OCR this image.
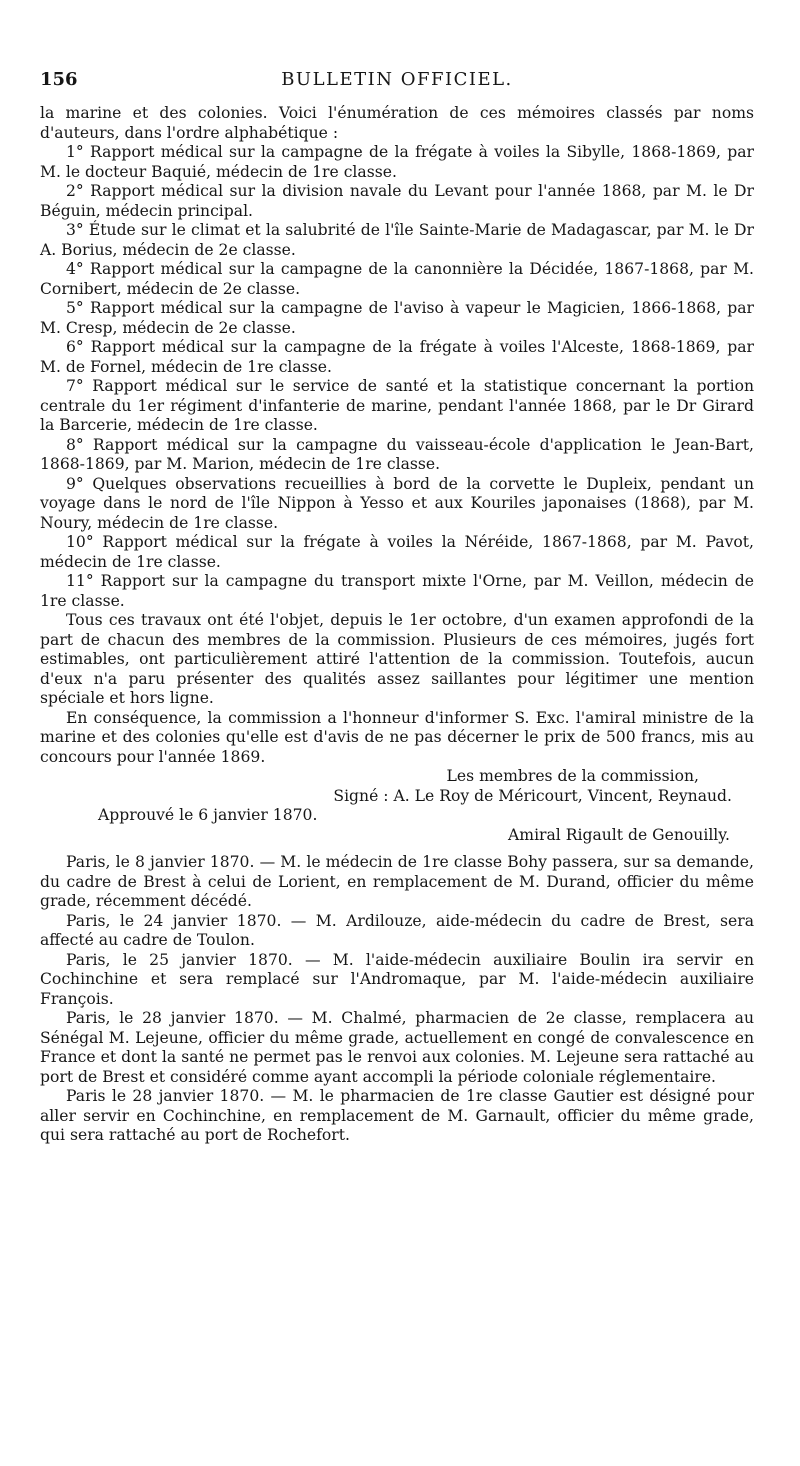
156	BULLETIN OFFICIEL.

la marine et des colonies. Voici l'énumération de ces mémoires classés par noms d'auteurs, dans l'ordre alphabétique :

1° Rapport médical sur la campagne de la frégate à voiles la Sibylle, 1868-1869, par M. le docteur Baquié, médecin de 1re classe.

2° Rapport médical sur la division navale du Levant pour l'année 1868, par M. le Dr Béguin, médecin principal.

3° Étude sur le climat et la salubrité de l'île Sainte-Marie de Madagascar, par M. le Dr A. Borius, médecin de 2e classe.

4° Rapport médical sur la campagne de la canonnière la Décidée, 1867-1868, par M. Cornibert, médecin de 2e classe.

5° Rapport médical sur la campagne de l'aviso à vapeur le Magicien, 1866-1868, par M. Cresp, médecin de 2e classe.

6° Rapport médical sur la campagne de la frégate à voiles l'Alceste, 1868-1869, par M. de Fornel, médecin de 1re classe.

7° Rapport médical sur le service de santé et la statistique concernant la portion centrale du 1er régiment d'infanterie de marine, pendant l'année 1868, par le Dr Girard la Barcerie, médecin de 1re classe.

8° Rapport médical sur la campagne du vaisseau-école d'application le Jean-Bart, 1868-1869, par M. Marion, médecin de 1re classe.

9° Quelques observations recueillies à bord de la corvette le Dupleix, pendant un voyage dans le nord de l'île Nippon à Yesso et aux Kouriles japonaises (1868), par M. Noury, médecin de 1re classe.

10° Rapport médical sur la frégate à voiles la Néréide, 1867-1868, par M. Pavot, médecin de 1re classe.

11° Rapport sur la campagne du transport mixte l'Orne, par M. Veillon, médecin de 1re classe.

Tous ces travaux ont été l'objet, depuis le 1er octobre, d'un examen approfondi de la part de chacun des membres de la commission. Plusieurs de ces mémoires, jugés fort estimables, ont particulièrement attiré l'attention de la commission. Toutefois, aucun d'eux n'a paru présenter des qualités assez saillantes pour légitimer une mention spéciale et hors ligne.

En conséquence, la commission a l'honneur d'informer S. Exc. l'amiral ministre de la marine et des colonies qu'elle est d'avis de ne pas décerner le prix de 500 francs, mis au concours pour l'année 1869.

Les membres de la commission,

Signé : A. Le Roy de Méricourt, Vincent, Reynaud.

Approuvé le 6 janvier 1870.

Amiral Rigault de Genouilly.

Paris, le 8 janvier 1870. — M. le médecin de 1re classe Bohy passera, sur sa demande, du cadre de Brest à celui de Lorient, en remplacement de M. Durand, officier du même grade, récemment décédé.

Paris, le 24 janvier 1870. — M. Ardilouze, aide-médecin du cadre de Brest, sera affecté au cadre de Toulon.

Paris, le 25 janvier 1870. — M. l'aide-médecin auxiliaire Boulin ira servir en Cochinchine et sera remplacé sur l'Andromaque, par M. l'aide-médecin auxiliaire François.

Paris, le 28 janvier 1870. — M. Chalmé, pharmacien de 2e classe, remplacera au Sénégal M. Lejeune, officier du même grade, actuellement en congé de convalescence en France et dont la santé ne permet pas le renvoi aux colonies. M. Lejeune sera rattaché au port de Brest et considéré comme ayant accompli la période coloniale réglementaire.

Paris le 28 janvier 1870. — M. le pharmacien de 1re classe Gautier est désigné pour aller servir en Cochinchine, en remplacement de M. Garnault, officier du même grade, qui sera rattaché au port de Rochefort.
